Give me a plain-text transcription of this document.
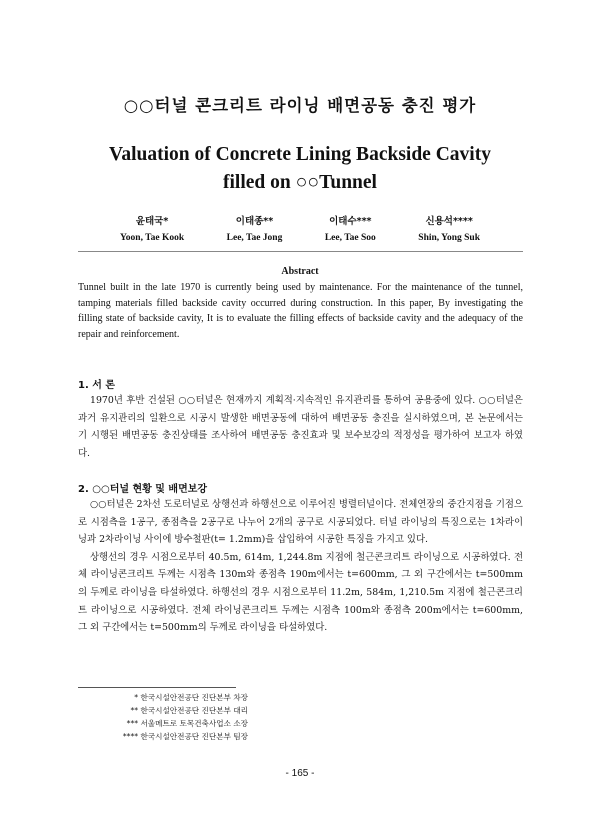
○○터널 콘크리트 라이닝 배면공동 충진 평가
Valuation of Concrete Lining Backside Cavity
filled on ○○Tunnel
윤태국*
Yoon, Tae Kook
이태종**
Lee, Tae Jong
이태수***
Lee, Tae Soo
신용석****
Shin, Yong Suk
Abstract
Tunnel built in the late 1970 is currently being used by maintenance. For the maintenance of the tunnel, tamping materials filled backside cavity occurred during construction. In this paper, By investigating the filling state of backside cavity, It is to evaluate the filling effects of backside cavity and the adequacy of the repair and reinforcement.
1. 서 론

1970년 후반 건설된 ○○터널은 현재까지 계획적·지속적인 유지관리를 통하여 공용중에 있다. ○○터널은 과거 유지관리의 일환으로 시공시 발생한 배면공동에 대하여 배면공동 충진을 실시하였으며, 본 논문에서는 기 시행된 배면공동 충진상태를 조사하여 배면공동 충진효과 및 보수보강의 적정성을 평가하여 보고자 하였다.

2. ○○터널 현황 및 배면보강

○○터널은 2차선 도로터널로 상행선과 하행선으로 이루어진 병렬터널이다. 전체연장의 중간지점을 기점으로 시점측을 1공구, 종점측을 2공구로 나누어 2개의 공구로 시공되었다. 터널 라이닝의 특징으로는 1차라이닝과 2차라이닝 사이에 방수철판(t= 1.2mm)을 삽입하여 시공한 특징을 가지고 있다.

상행선의 경우 시점으로부터 40.5m, 614m, 1,244.8m 지점에 철근콘크리트 라이닝으로 시공하였다. 전체 라이닝콘크리트 두께는 시점측 130m와 종점측 190m에서는 t=600mm, 그 외 구간에서는 t=500mm의 두께로 라이닝을 타설하였다. 하행선의 경우 시점으로부터 11.2m, 584m, 1,210.5m 지점에 철근콘크리트 라이닝으로 시공하였다. 전체 라이닝콘크리트 두께는 시점측 100m와 종점측 200m에서는 t=600mm, 그 외 구간에서는 t=500mm의 두께로 라이닝을 타설하였다.

* 한국시설안전공단 진단본부 차장
** 한국시설안전공단 진단본부 대리
*** 서울메트로 토목건축사업소 소장
**** 한국시설안전공단 진단본부 팀장
- 165 -
